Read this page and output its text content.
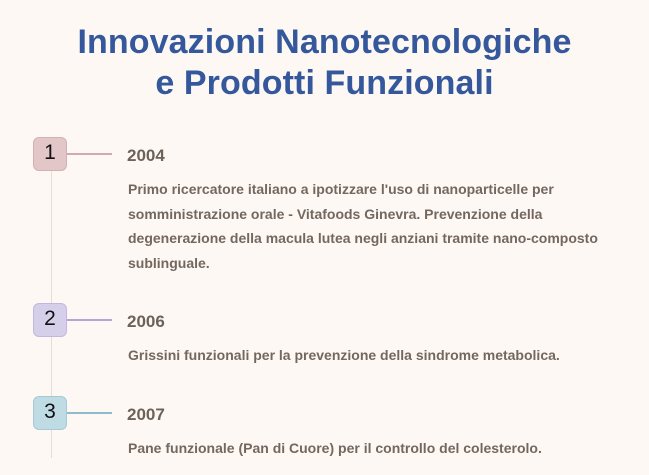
Innovazioni Nanotecnologiche
e Prodotti Funzionali
1	2004
Primo ricercatore italiano a ipotizzare l'uso di nanoparticelle per somministrazione orale - Vitafoods Ginevra. Prevenzione della degenerazione della macula lutea negli anziani tramite nano-composto sublinguale.
2	2006
Grissini funzionali per la prevenzione della sindrome metabolica.
3	2007
Pane funzionale (Pan di Cuore) per il controllo del colesterolo.
